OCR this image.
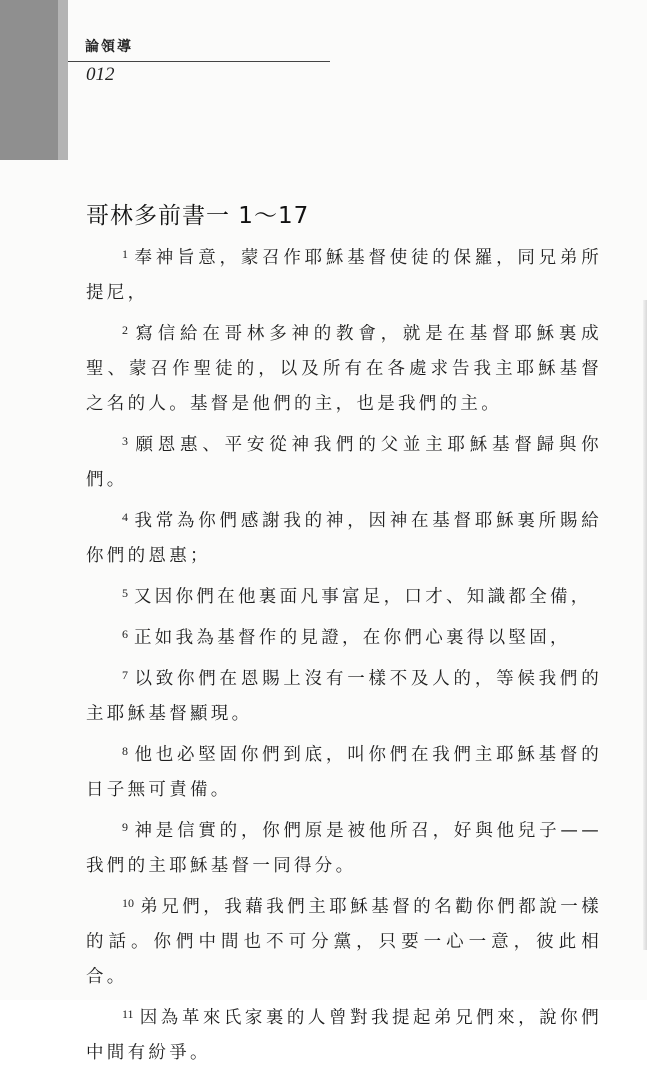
論領導
012
哥林多前書一 1～17

$^1$ 奉神旨意，蒙召作耶穌基督使徒的保羅，同兄弟所提尼，

$^2$ 寫信給在哥林多神的教會，就是在基督耶穌裏成聖、蒙召作聖徒的，以及所有在各處求告我主耶穌基督之名的人。基督是他們的主，也是我們的主。

$^3$ 願恩惠、平安從神我們的父並主耶穌基督歸與你們。

$^4$ 我常為你們感謝我的神，因神在基督耶穌裏所賜給你們的恩惠；

$^5$ 又因你們在他裏面凡事富足，口才、知識都全備，

$^6$ 正如我為基督作的見證，在你們心裏得以堅固，

$^7$ 以致你們在恩賜上沒有一樣不及人的，等候我們的主耶穌基督顯現。

$^8$ 他也必堅固你們到底，叫你們在我們主耶穌基督的日子無可責備。

$^9$ 神是信實的，你們原是被他所召，好與他兒子——我們的主耶穌基督一同得分。

$^{10}$ 弟兄們，我藉我們主耶穌基督的名勸你們都說一樣的話。你們中間也不可分黨，只要一心一意，彼此相合。

$^{11}$ 因為革來氏家裏的人曾對我提起弟兄們來，說你們中間有紛爭。
